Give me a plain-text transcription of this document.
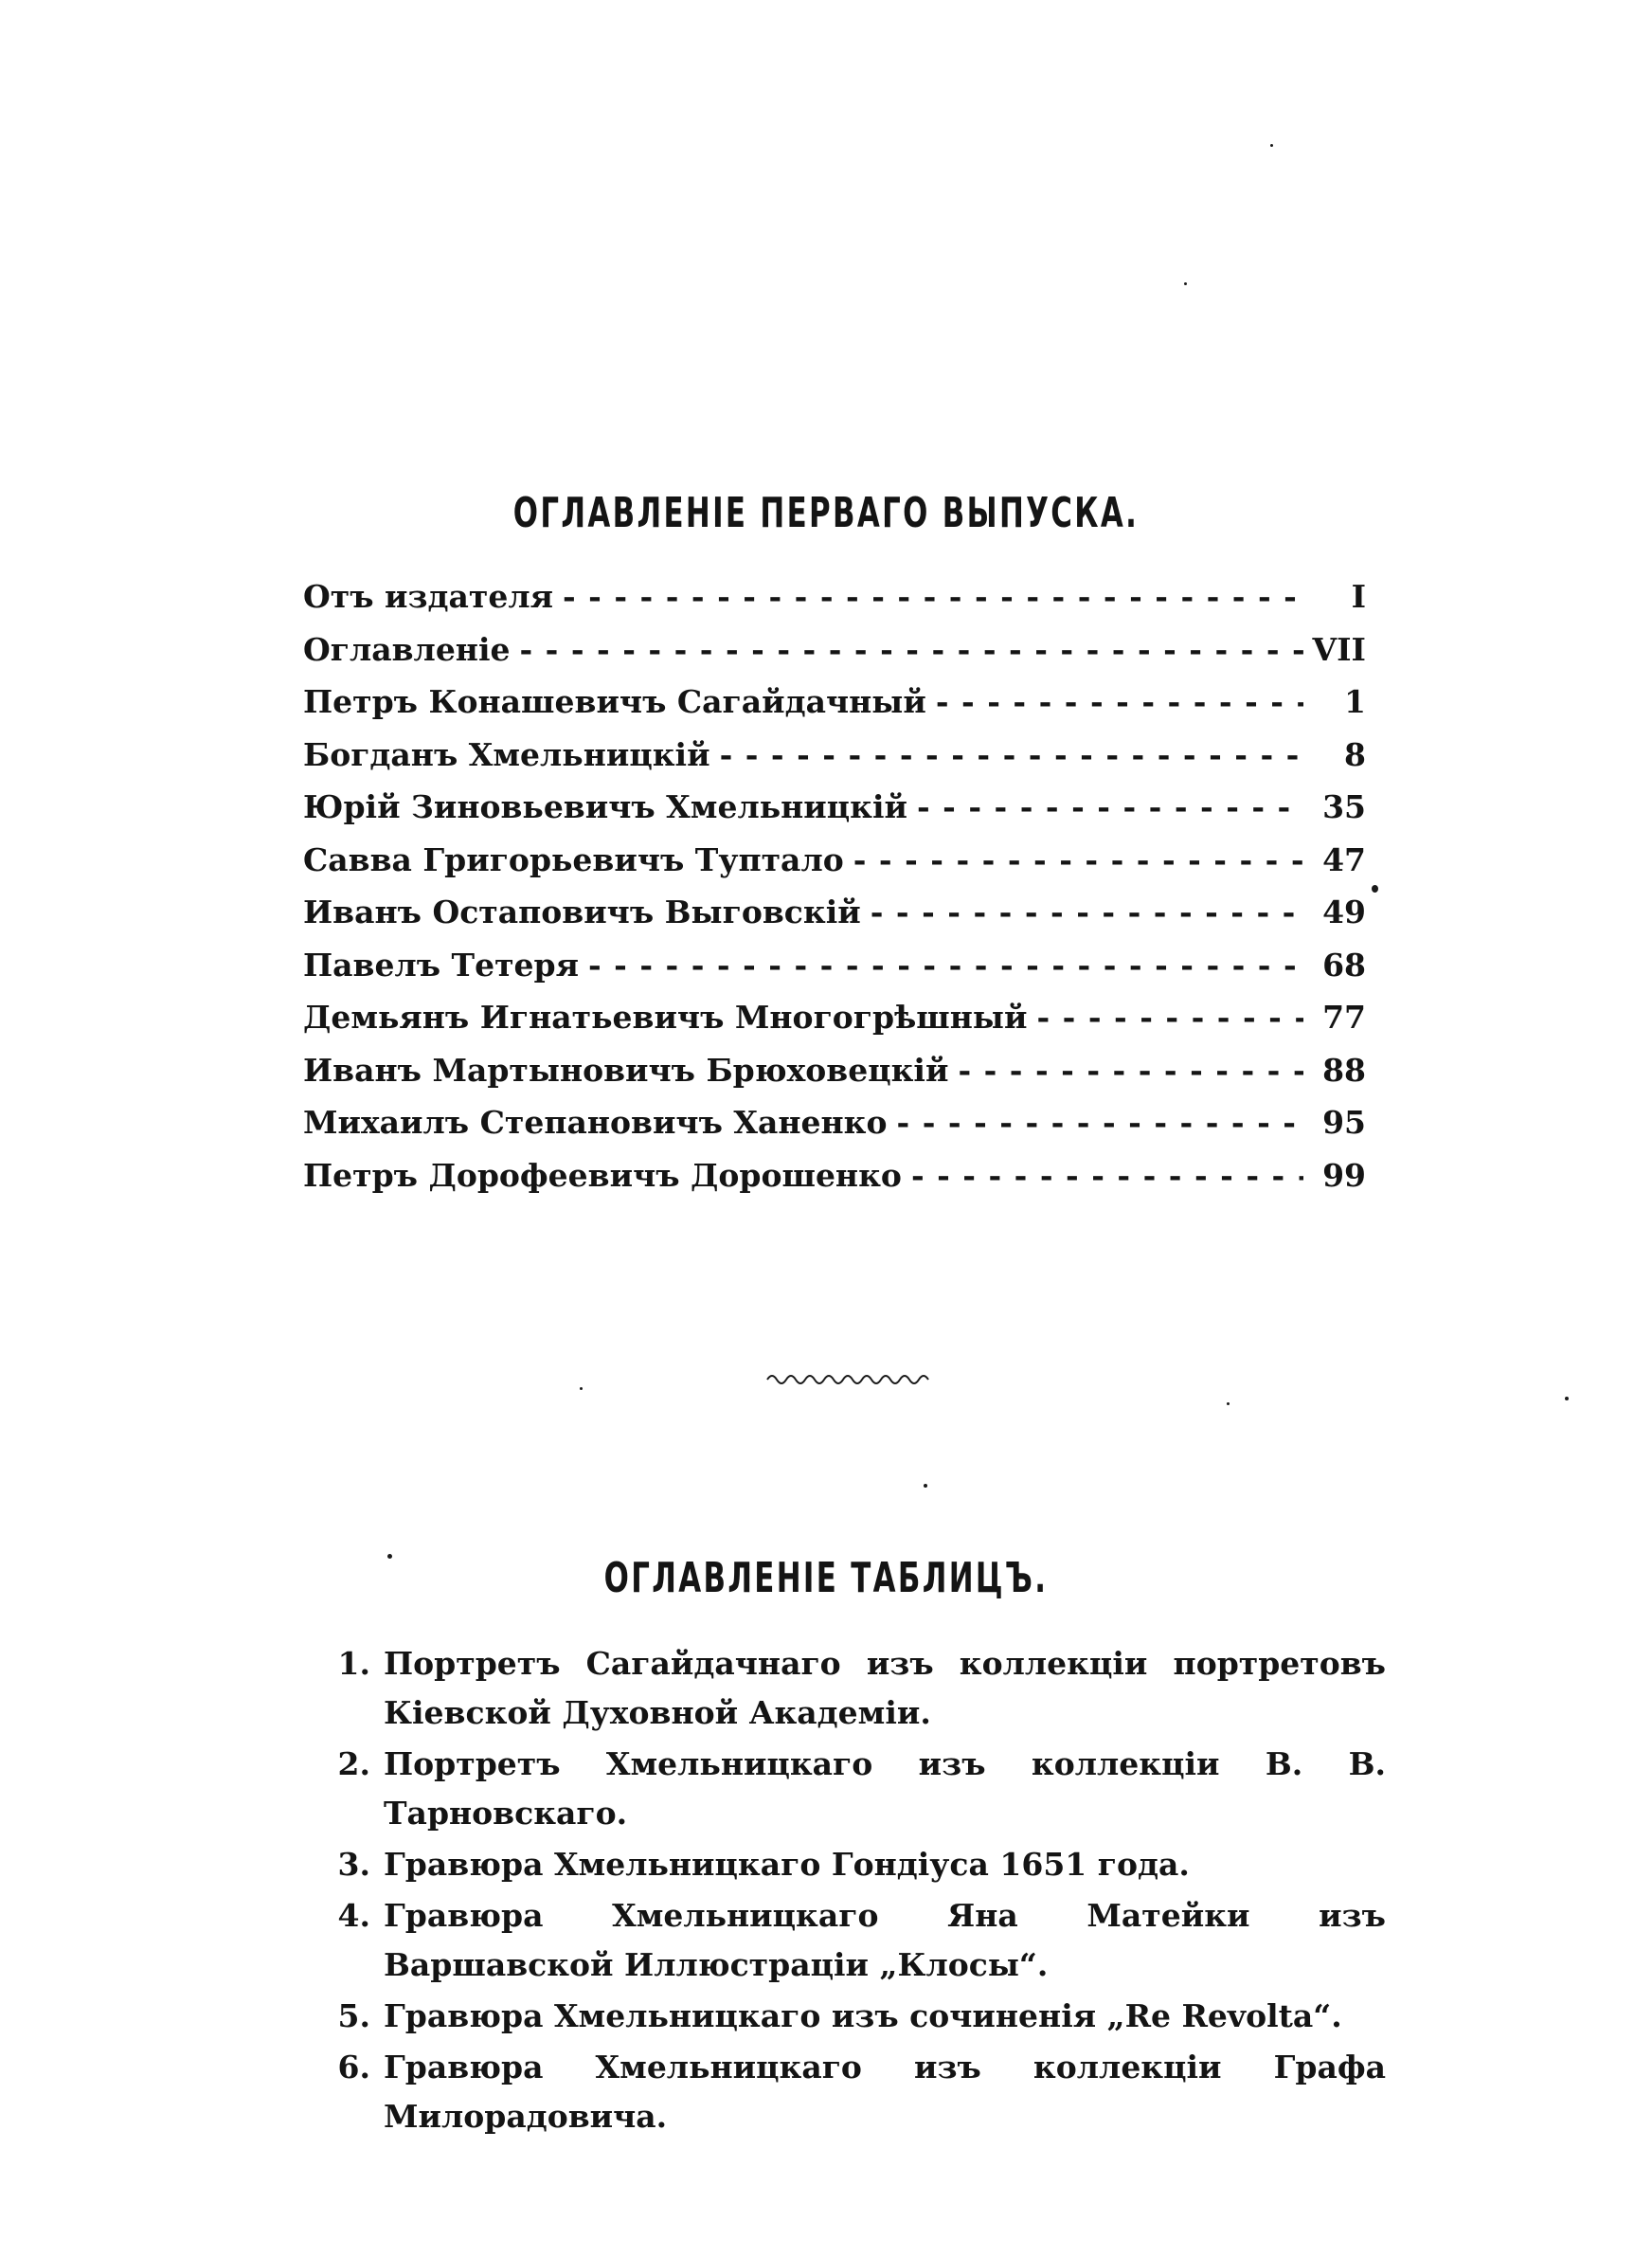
ОГЛАВЛЕНІЕ ПЕРВАГО ВЫПУСКА.
Отъ издателя - - -	I
Оглавленіе - - -	VII
Петръ Конашевичъ Сагайдачный - - -	1
Богданъ Хмельницкій - - -	8
Юрій Зиновьевичъ Хмельницкій - - -	35
Савва Григорьевичъ Туптало - - -	47
Иванъ Остаповичъ Выговскій - - -	49
Павелъ Тетеря - - -	68
Демьянъ Игнатьевичъ Многогрѣшный - - -	77
Иванъ Мартыновичъ Брюховецкій - - -	88
Михаилъ Степановичъ Ханенко - - -	95
Петръ Дорофеевичъ Дорошенко - - -	99
ОГЛАВЛЕНІЕ ТАБЛИЦЪ.
1. Портретъ Сагайдачнаго изъ коллекціи портретовъ Кіевской Духовной Академіи.
2. Портретъ Хмельницкаго изъ коллекціи В. В. Тарновскаго.
3. Гравюра Хмельницкаго Гондіуса 1651 года.
4. Гравюра Хмельницкаго Яна Матейки изъ Варшавской Иллюстраціи „Клосы“.
5. Гравюра Хмельницкаго изъ сочиненія „Re Revolta“.
6. Гравюра Хмельницкаго изъ коллекціи Графа Милорадовича.
